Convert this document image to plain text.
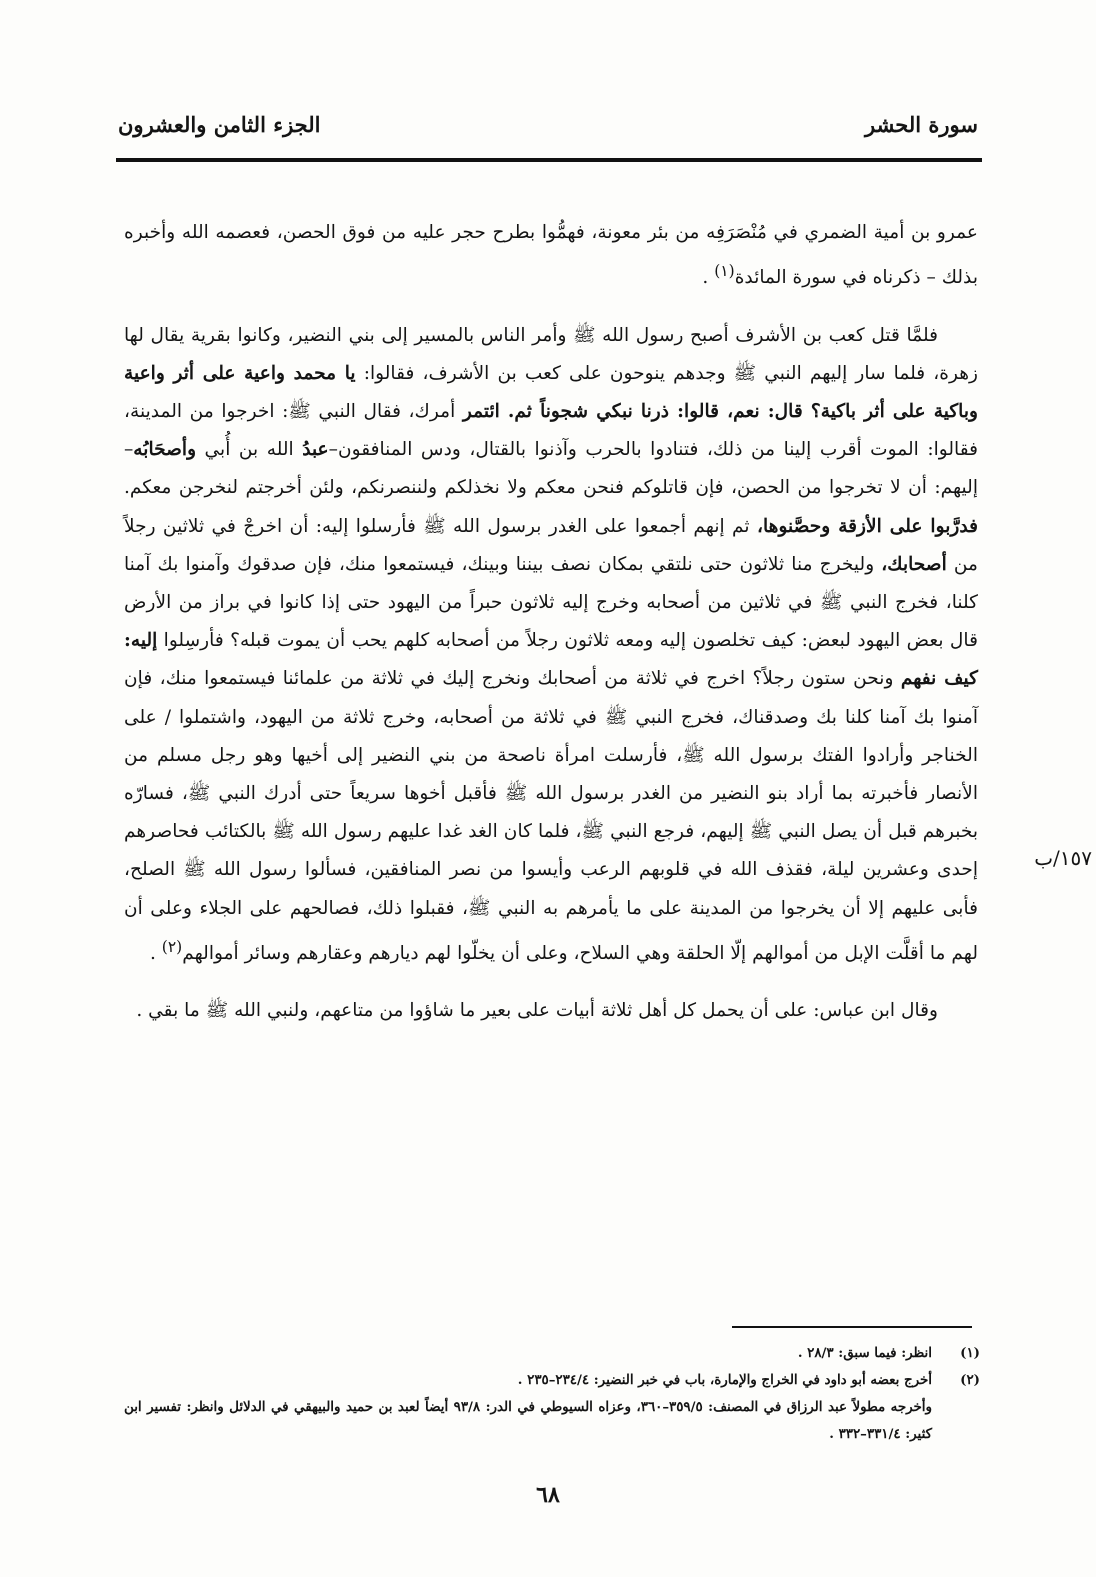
سورة الحشر
الجزء الثامن والعشرون

عمرو بن أمية الضمري في مُنْصَرَفِه من بئر معونة، فهمُّوا بطرح حجر عليه من فوق الحصن، فعصمه الله وأخبره بذلك – ذكرناه في سورة المائدة$^{(١)}$ .

فلمَّا قتل كعب بن الأشرف أصبح رسول الله ﷺ وأمر الناس بالمسير إلى بني النضير، وكانوا بقرية يقال لها زهرة، فلما سار إليهم النبي ﷺ وجدهم ينوحون على كعب بن الأشرف، فقالوا: يا محمد واعية على أثر واعية وباكية على أثر باكية؟ قال: نعم، قالوا: ذرنا نبكي شجوناً ثم. ائتمر أمرك، فقال النبي ﷺ: اخرجوا من المدينة، فقالوا: الموت أقرب إلينا من ذلك، فتنادوا بالحرب وآذنوا بالقتال، ودس المنافقون–عبدُ الله بن أُبي وأصحَابُه– إليهم: أن لا تخرجوا من الحصن، فإن قاتلوكم فنحن معكم ولا نخذلكم ولننصرنكم، ولئن أخرجتم لنخرجن معكم. فدرَّبوا على الأزقة وحصَّنوها، ثم إنهم أجمعوا على الغدر برسول الله ﷺ فأرسلوا إليه: أن اخرجْ في ثلاثين رجلاً من أصحابك، وليخرج منا ثلاثون حتى نلتقي بمكان نصف بيننا وبينك، فيستمعوا منك، فإن صدقوك وآمنوا بك آمنا كلنا، فخرج النبي ﷺ في ثلاثين من أصحابه وخرج إليه ثلاثون حبراً من اليهود حتى إذا كانوا في براز من الأرض قال بعض اليهود لبعض: كيف تخلصون إليه ومعه ثلاثون رجلاً من أصحابه كلهم يحب أن يموت قبله؟ فأرسِلوا إليه: كيف نفهم ونحن ستون رجلاً؟ اخرج في ثلاثة من أصحابك ونخرج إليك في ثلاثة من علمائنا فيستمعوا منك، فإن آمنوا بك آمنا كلنا بك وصدقناك، فخرج النبي ﷺ في ثلاثة من أصحابه، وخرج ثلاثة من اليهود، واشتملوا / على الخناجر وأرادوا الفتك برسول الله ﷺ، فأرسلت امرأة ناصحة من بني النضير إلى أخيها وهو رجل مسلم من الأنصار فأخبرته بما أراد بنو النضير من الغدر برسول الله ﷺ فأقبل أخوها سريعاً حتى أدرك النبي ﷺ، فسارّه بخبرهم قبل أن يصل النبي ﷺ إليهم، فرجع النبي ﷺ، فلما كان الغد غدا عليهم رسول الله ﷺ بالكتائب فحاصرهم إحدى وعشرين ليلة، فقذف الله في قلوبهم الرعب وأيسوا من نصر المنافقين، فسألوا رسول الله ﷺ الصلح، فأبى عليهم إلا أن يخرجوا من المدينة على ما يأمرهم به النبي ﷺ، فقبلوا ذلك، فصالحهم على الجلاء وعلى أن لهم ما أقلَّت الإبل من أموالهم إلّا الحلقة وهي السلاح، وعلى أن يخلّوا لهم ديارهم وعقارهم وسائر أموالهم$^{(٢)}$ .

وقال ابن عباس: على أن يحمل كل أهل ثلاثة أبيات على بعير ما شاؤوا من متاعهم، ولنبي الله ﷺ ما بقي .

١٥٧/ب
(١)
انظر: فيما سبق: ٢٨/٣ .
(٢)
أخرج بعضه أبو داود في الخراج والإمارة، باب في خبر النضير: ٢٣٤/٤–٢٣٥ .
وأخرجه مطولاً عبد الرزاق في المصنف: ٣٥٩/٥–٣٦٠، وعزاه السيوطي في الدر: ٩٣/٨ أيضاً لعبد بن حميد والبيهقي في الدلائل وانظر: تفسير ابن كثير: ٣٣١/٤–٣٣٢ .
٦٨
